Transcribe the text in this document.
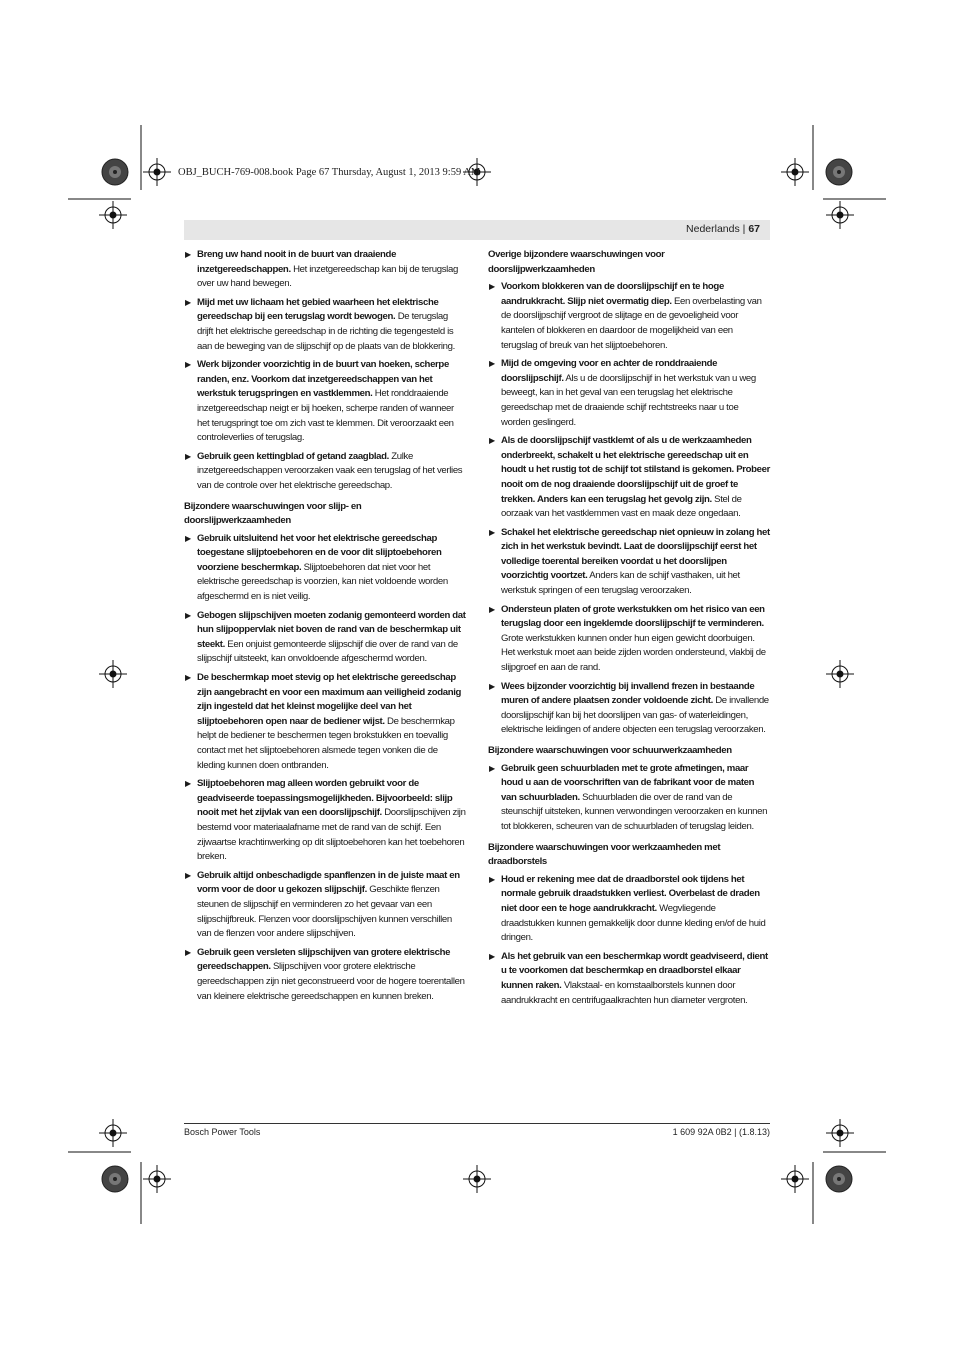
OBJ_BUCH-769-008.book Page 67 Thursday, August 1, 2013 9:59 AM
Nederlands | 67
▶ Breng uw hand nooit in de buurt van draaiende inzetgereedschappen. Het inzetgereedschap kan bij de terugslag over uw hand bewegen.
▶ Mijd met uw lichaam het gebied waarheen het elektrische gereedschap bij een terugslag wordt bewogen. De terugslag drijft het elektrische gereedschap in de richting die tegengesteld is aan de beweging van de slijpschijf op de plaats van de blokkering.
▶ Werk bijzonder voorzichtig in de buurt van hoeken, scherpe randen, enz. Voorkom dat inzetgereedschappen van het werkstuk terugspringen en vastklemmen. Het ronddraaiende inzetgereedschap neigt er bij hoeken, scherpe randen of wanneer het terugspringt toe om zich vast te klemmen. Dit veroorzaakt een controleverlies of terugslag.
▶ Gebruik geen kettingblad of getand zaagblad. Zulke inzetgereedschappen veroorzaken vaak een terugslag of het verlies van de controle over het elektrische gereedschap.
Bijzondere waarschuwingen voor slijp- en doorslijpwerkzaamheden
▶ Gebruik uitsluitend het voor het elektrische gereedschap toegestane slijptoebehoren en de voor dit slijptoebehoren voorziene beschermkap. Slijptoebehoren dat niet voor het elektrische gereedschap is voorzien, kan niet voldoende worden afgeschermd en is niet veilig.
▶ Gebogen slijpschijven moeten zodanig gemonteerd worden dat hun slijpoppervlak niet boven de rand van de beschermkap uit steekt. Een onjuist gemonteerde slijpschijf die over de rand van de slijpschijf uitsteekt, kan onvoldoende afgeschermd worden.
▶ De beschermkap moet stevig op het elektrische gereedschap zijn aangebracht en voor een maximum aan veiligheid zodanig zijn ingesteld dat het kleinst mogelijke deel van het slijptoebehoren open naar de bediener wijst. De beschermkap helpt de bediener te beschermen tegen brokstukken en toevallig contact met het slijptoebehoren alsmede tegen vonken die de kleding kunnen doen ontbranden.
▶ Slijptoebehoren mag alleen worden gebruikt voor de geadviseerde toepassingsmogelijkheden. Bijvoorbeeld: slijp nooit met het zijvlak van een doorslijpschijf. Doorslijpschijven zijn bestemd voor materiaalafname met de rand van de schijf. Een zijwaartse krachtinwerking op dit slijptoebehoren kan het toebehoren breken.
▶ Gebruik altijd onbeschadigde spanflenzen in de juiste maat en vorm voor de door u gekozen slijpschijf. Geschikte flenzen steunen de slijpschijf en verminderen zo het gevaar van een slijpschijfbreuk. Flenzen voor doorslijpschijven kunnen verschillen van de flenzen voor andere slijpschijven.
▶ Gebruik geen versleten slijpschijven van grotere elektrische gereedschappen. Slijpschijven voor grotere elektrische gereedschappen zijn niet geconstrueerd voor de hogere toerentallen van kleinere elektrische gereedschappen en kunnen breken.
Overige bijzondere waarschuwingen voor doorslijpwerkzaamheden
▶ Voorkom blokkeren van de doorslijpschijf en te hoge aandrukkracht. Slijp niet overmatig diep. Een overbelasting van de doorslijpschijf vergroot de slijtage en de gevoeligheid voor kantelen of blokkeren en daardoor de mogelijkheid van een terugslag of breuk van het slijptoebehoren.
▶ Mijd de omgeving voor en achter de ronddraaiende doorslijpschijf. Als u de doorslijpschijf in het werkstuk van u weg beweegt, kan in het geval van een terugslag het elektrische gereedschap met de draaiende schijf rechtstreeks naar u toe worden geslingerd.
▶ Als de doorslijpschijf vastklemt of als u de werkzaamheden onderbreekt, schakelt u het elektrische gereedschap uit en houdt u het rustig tot de schijf tot stilstand is gekomen. Probeer nooit om de nog draaiende doorslijpschijf uit de groef te trekken. Anders kan een terugslag het gevolg zijn. Stel de oorzaak van het vastklemmen vast en maak deze ongedaan.
▶ Schakel het elektrische gereedschap niet opnieuw in zolang het zich in het werkstuk bevindt. Laat de doorslijpschijf eerst het volledige toerental bereiken voordat u het doorslijpen voorzichtig voortzet. Anders kan de schijf vasthaken, uit het werkstuk springen of een terugslag veroorzaken.
▶ Ondersteun platen of grote werkstukken om het risico van een terugslag door een ingeklemde doorslijpschijf te verminderen. Grote werkstukken kunnen onder hun eigen gewicht doorbuigen. Het werkstuk moet aan beide zijden worden ondersteund, vlakbij de slijpgroef en aan de rand.
▶ Wees bijzonder voorzichtig bij invallend frezen in bestaande muren of andere plaatsen zonder voldoende zicht. De invallende doorslijpschijf kan bij het doorslijpen van gas- of waterleidingen, elektrische leidingen of andere objecten een terugslag veroorzaken.
Bijzondere waarschuwingen voor schuurwerkzaamheden
▶ Gebruik geen schuurbladen met te grote afmetingen, maar houd u aan de voorschriften van de fabrikant voor de maten van schuurbladen. Schuurbladen die over de rand van de steunschijf uitsteken, kunnen verwondingen veroorzaken en kunnen tot blokkeren, scheuren van de schuurbladen of terugslag leiden.
Bijzondere waarschuwingen voor werkzaamheden met draadborstels
▶ Houd er rekening mee dat de draadborstel ook tijdens het normale gebruik draadstukken verliest. Overbelast de draden niet door een te hoge aandrukkracht. Wegvliegende draadstukken kunnen gemakkelijk door dunne kleding en/of de huid dringen.
▶ Als het gebruik van een beschermkap wordt geadviseerd, dient u te voorkomen dat beschermkap en draadborstel elkaar kunnen raken. Vlakstaal- en komstaalborstels kunnen door aandrukkracht en centrifugaalkrachten hun diameter vergroten.
Bosch Power Tools	1 609 92A 0B2 | (1.8.13)
